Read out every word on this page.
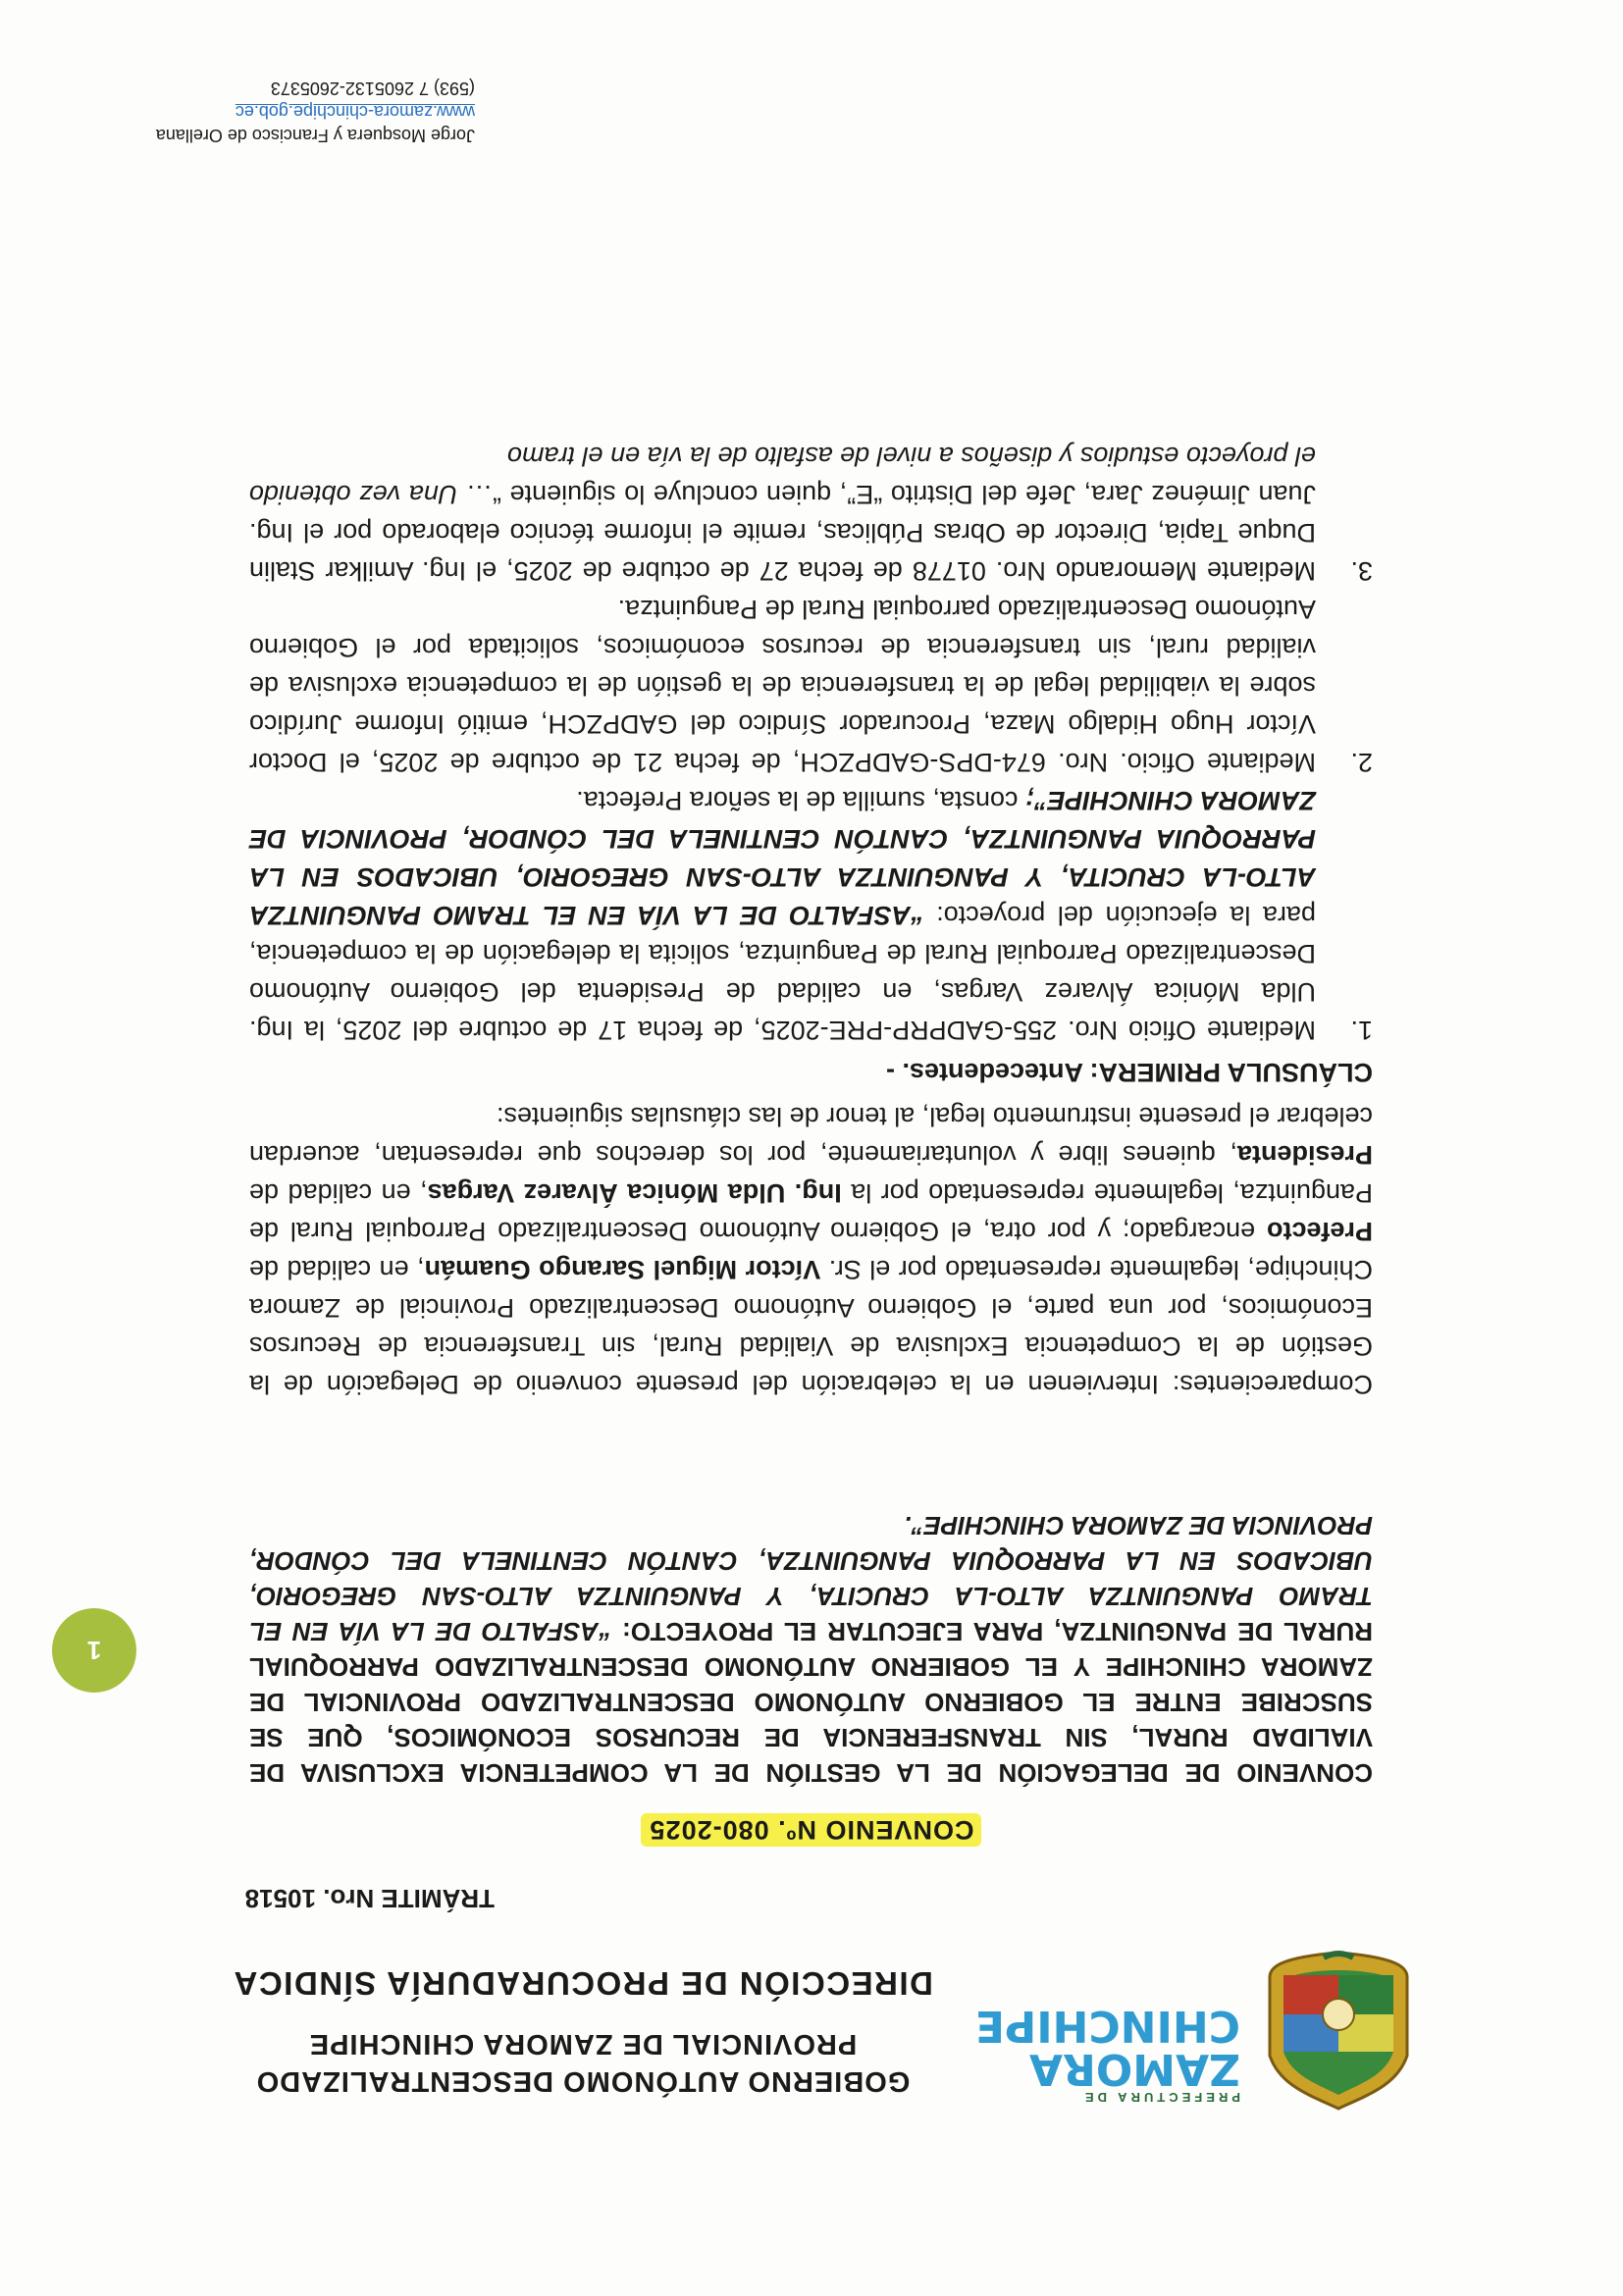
PREFECTURA DE
ZAMORA
CHINCHIPE
GOBIERNO AUTÓNOMO DESCENTRALIZADO
PROVINCIAL DE ZAMORA CHINCHIPE
DIRECCIÓN DE PROCURADURÍA SÍNDICA
TRÁMITE Nro. 10518
CONVENIO Nº. 080-2025
CONVENIO DE DELEGACIÓN DE LA GESTIÓN DE LA COMPETENCIA EXCLUSIVA DE VIALIDAD RURAL, SIN TRANSFERENCIA DE RECURSOS ECONÓMICOS, QUE SE SUSCRIBE ENTRE EL GOBIERNO AUTÓNOMO DESCENTRALIZADO PROVINCIAL DE ZAMORA CHINCHIPE Y EL GOBIERNO AUTÓNOMO DESCENTRALIZADO PARROQUIAL RURAL DE PANGUINTZA, PARA EJECUTAR EL PROYECTO: “ASFALTO DE LA VÍA EN EL TRAMO PANGUINTZA ALTO-LA CRUCITA, Y PANGUINTZA ALTO-SAN GREGORIO, UBICADOS EN LA PARROQUIA PANGUINTZA, CANTÓN CENTINELA DEL CÓNDOR, PROVINCIA DE ZAMORA CHINCHIPE”.
1

Comparecientes: Intervienen en la celebración del presente convenio de Delegación de la Gestión de la Competencia Exclusiva de Vialidad Rural, sin Transferencia de Recursos Económicos, por una parte, el Gobierno Autónomo Descentralizado Provincial de Zamora Chinchipe, legalmente representado por el Sr. Víctor Miguel Sarango Guamán, en calidad de Prefecto encargado; y por otra, el Gobierno Autónomo Descentralizado Parroquial Rural de Panguintza, legalmente representado por la Ing. Ulda Mónica Álvarez Vargas, en calidad de Presidenta, quienes libre y voluntariamente, por los derechos que representan, acuerdan celebrar el presente instrumento legal, al tenor de las cláusulas siguientes:

CLÁUSULA PRIMERA: Antecedentes. -

1.
Mediante Oficio Nro. 255-GADPRP-PRE-2025, de fecha 17 de octubre del 2025, la Ing. Ulda Mónica Álvarez Vargas, en calidad de Presidenta del Gobierno Autónomo Descentralizado Parroquial Rural de Panguintza, solicita la delegación de la competencia, para la ejecución del proyecto: “ASFALTO DE LA VÍA EN EL TRAMO PANGUINTZA ALTO-LA CRUCITA, Y PANGUINTZA ALTO-SAN GREGORIO, UBICADOS EN LA PARROQUIA PANGUINTZA, CANTÓN CENTINELA DEL CÓNDOR, PROVINCIA DE ZAMORA CHINCHIPE”; consta, sumilla de la señora Prefecta.
2.
Mediante Oficio. Nro. 674-DPS-GADPZCH, de fecha 21 de octubre de 2025, el Doctor Víctor Hugo Hidalgo Maza, Procurador Síndico del GADPZCH, emitió Informe Jurídico sobre la viabilidad legal de la transferencia de la gestión de la competencia exclusiva de vialidad rural, sin transferencia de recursos económicos, solicitada por el Gobierno Autónomo Descentralizado parroquial Rural de Panguintza.
3.
Mediante Memorando Nro. 01778 de fecha 27 de octubre de 2025, el Ing. Amilkar Stalin Duque Tapia, Director de Obras Públicas, remite el informe técnico elaborado por el Ing. Juan Jiménez Jara, Jefe del Distrito “E”, quien concluye lo siguiente “… Una vez obtenido el proyecto estudios y diseños a nivel de asfalto de la vía en el tramo
Jorge Mosquera y Francisco de Orellana
www.zamora-chinchipe.gob.ec
(593) 7 2605132-2605373
